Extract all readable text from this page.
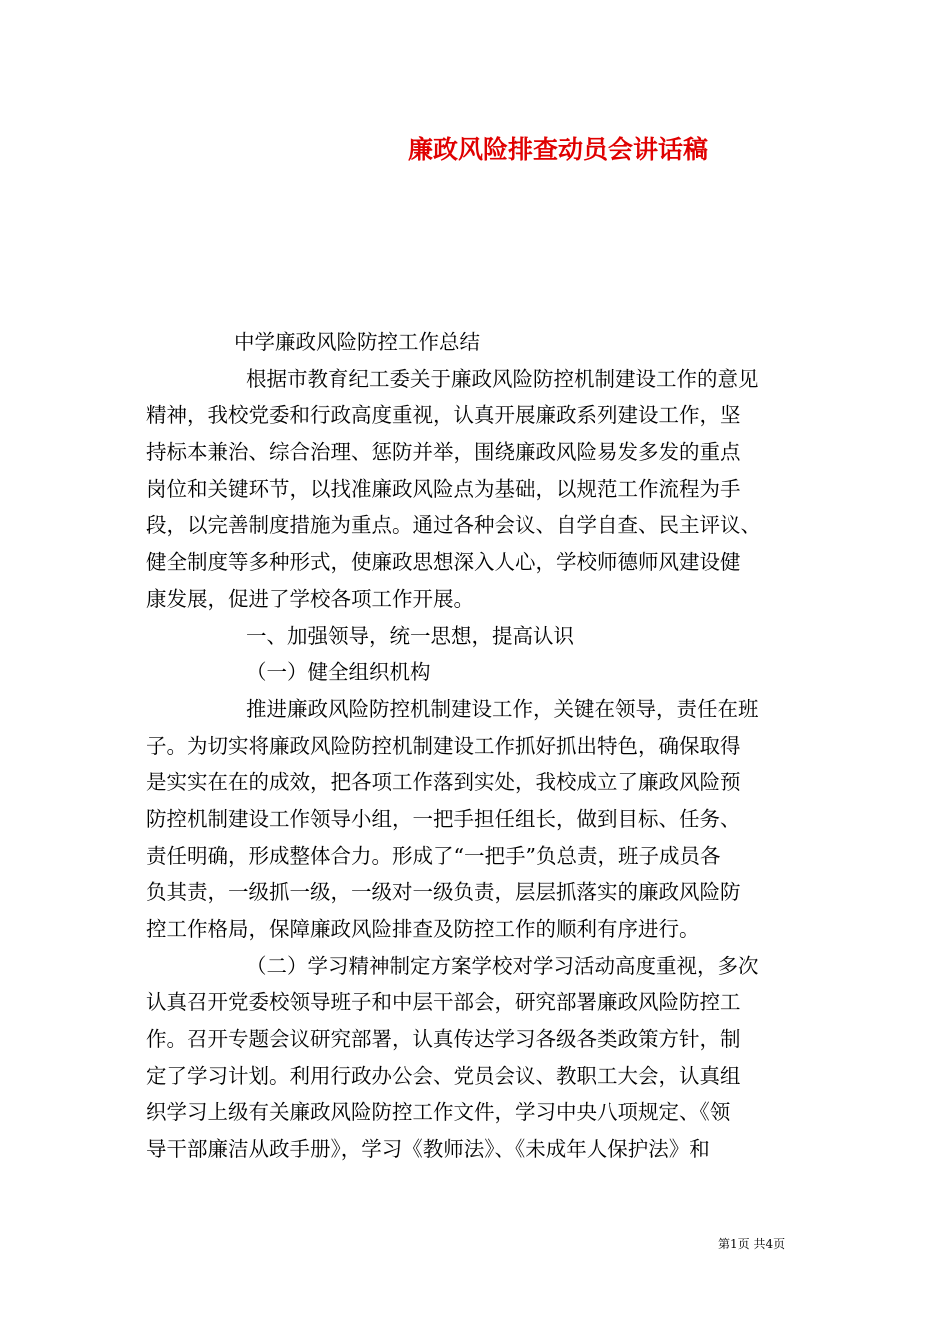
廉政风险排查动员会讲话稿
中学廉政风险防控工作总结
根据市教育纪工委关于廉政风险防控机制建设工作的意见
精神，我校党委和行政高度重视，认真开展廉政系列建设工作，坚
持标本兼治、综合治理、惩防并举，围绕廉政风险易发多发的重点
岗位和关键环节，以找准廉政风险点为基础，以规范工作流程为手
段，以完善制度措施为重点。通过各种会议、自学自查、民主评议、
健全制度等多种形式，使廉政思想深入人心，学校师德师风建设健
康发展，促进了学校各项工作开展。
一、加强领导，统一思想，提高认识
（一）健全组织机构
推进廉政风险防控机制建设工作，关键在领导，责任在班
子。为切实将廉政风险防控机制建设工作抓好抓出特色，确保取得
是实实在在的成效，把各项工作落到实处，我校成立了廉政风险预
防控机制建设工作领导小组，一把手担任组长，做到目标、任务、
责任明确，形成整体合力。形成了“一把手”负总责，班子成员各
负其责，一级抓一级，一级对一级负责，层层抓落实的廉政风险防
控工作格局，保障廉政风险排查及防控工作的顺利有序进行。
（二）学习精神制定方案学校对学习活动高度重视，多次
认真召开党委校领导班子和中层干部会，研究部署廉政风险防控工
作。召开专题会议研究部署，认真传达学习各级各类政策方针，制
定了学习计划。利用行政办公会、党员会议、教职工大会，认真组
织学习上级有关廉政风险防控工作文件，学习中央八项规定、《领
导干部廉洁从政手册》，学习《教师法》、《未成年人保护法》和
第1页 共4页
